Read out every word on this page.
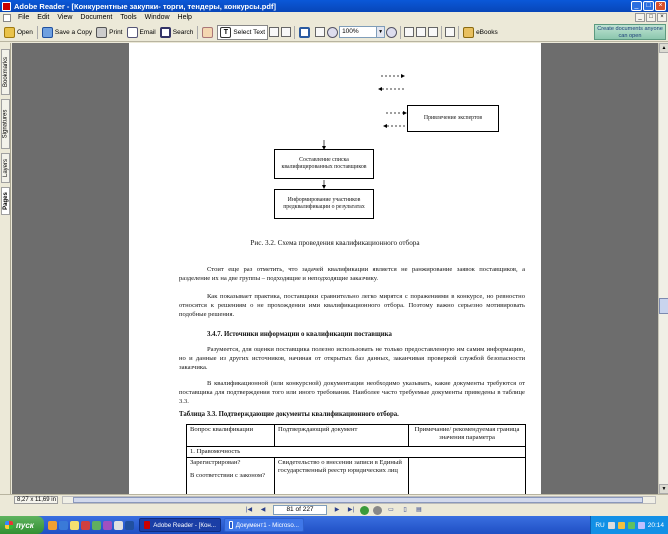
Adobe Reader - [Конкурентные закупки- торги, тендеры, конкурсы.pdf]	_	□	×
File	Edit	View	Document	Tools	Window	Help	_	□	×
Open	Save a Copy	Print	Email	Search	T Select Text	100%	▼	eBooks	Create documents anyone can open
Bookmarks
Signatures
Layers
Pages
Привлечение экспертов
Составление списка квалифицированных поставщиков
Информирование участников предквалификации о результатах
Рис. 3.2. Схема проведения квалификационного отбора
Стоит еще раз отметить, что задачей квалификации является не ранжирование заявок поставщиков, а разделение их на две группы – подходящие и неподходящие заказчику.
Как показывает практика, поставщики сравнительно легко мирятся с поражениями в конкурсе, но ревностно относятся к решениям о не прохождении ими квалификационного отбора. Поэтому важно серьезно мотивировать подобные решения.
3.4.7. Источники информации о квалификации поставщика
Разумеется, для оценки поставщика полезно использовать не только предоставленную им самим информацию, но и данные из других источников, начиная от открытых баз данных, заканчивая проверкой службой безопасности заказчика.
В квалификационной (или конкурсной) документации необходимо указывать, какие документы требуются от поставщика для подтверждения того или иного требования. Наиболее часто требуемые документы приведены в таблице 3.3.
Таблица 3.3. Подтверждающие документы квалификационного отбора.
Вопрос квалификации	Подтверждающий документ	Примечание/ рекомендуемая граница значения параметра
1. Правомочность		

Зарегистрирован?
В соответствии с законом?	Свидетельство о внесении записи в Единый государственный реестр юридических лиц	
▲
▼
8,27 x 11,69 in
|◀	◀	81 of 227	▶	▶|	▭	▯	▤
пуск	Adobe Reader - [Кон...	Документ1 - Microso...	RU	20:14
